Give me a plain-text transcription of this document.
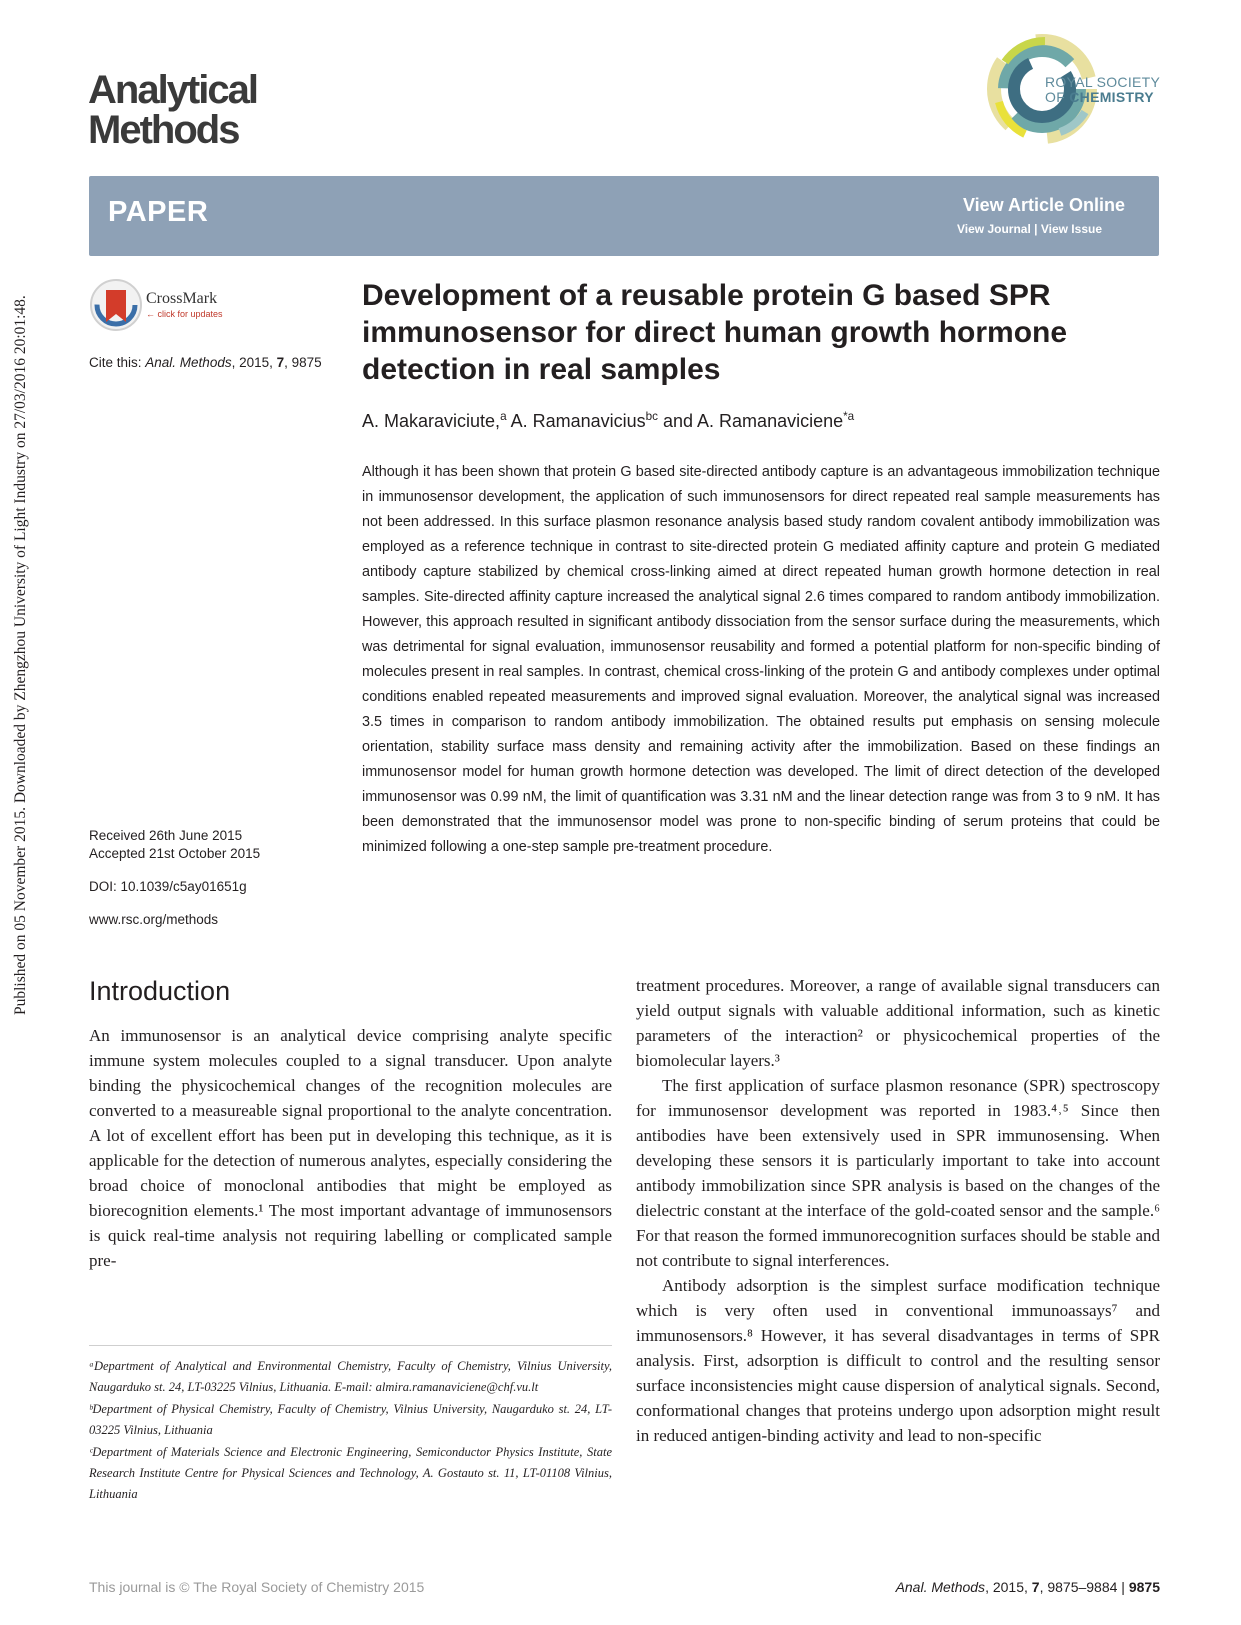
Published on 05 November 2015. Downloaded by Zhengzhou University of Light Industry on 27/03/2016 20:01:48.
Analytical
Methods
ROYAL SOCIETY
OF CHEMISTRY
PAPER	View Article Online
View Journal | View Issue
CrossMark
← click for updates
Cite this: Anal. Methods, 2015, 7, 9875
Development of a reusable protein G based SPR immunosensor for direct human growth hormone detection in real samples
A. Makaraviciute,$^a$ A. Ramanavicius$^{bc}$ and A. Ramanaviciene$^{*a}$
Although it has been shown that protein G based site-directed antibody capture is an advantageous immobilization technique in immunosensor development, the application of such immunosensors for direct repeated real sample measurements has not been addressed. In this surface plasmon resonance analysis based study random covalent antibody immobilization was employed as a reference technique in contrast to site-directed protein G mediated affinity capture and protein G mediated antibody capture stabilized by chemical cross-linking aimed at direct repeated human growth hormone detection in real samples. Site-directed affinity capture increased the analytical signal 2.6 times compared to random antibody immobilization. However, this approach resulted in significant antibody dissociation from the sensor surface during the measurements, which was detrimental for signal evaluation, immunosensor reusability and formed a potential platform for non-specific binding of molecules present in real samples. In contrast, chemical cross-linking of the protein G and antibody complexes under optimal conditions enabled repeated measurements and improved signal evaluation. Moreover, the analytical signal was increased 3.5 times in comparison to random antibody immobilization. The obtained results put emphasis on sensing molecule orientation, stability surface mass density and remaining activity after the immobilization. Based on these findings an immunosensor model for human growth hormone detection was developed. The limit of direct detection of the developed immunosensor was 0.99 nM, the limit of quantification was 3.31 nM and the linear detection range was from 3 to 9 nM. It has been demonstrated that the immunosensor model was prone to non-specific binding of serum proteins that could be minimized following a one-step sample pre-treatment procedure.
Received 26th June 2015
Accepted 21st October 2015
DOI: 10.1039/c5ay01651g
www.rsc.org/methods
Introduction

An immunosensor is an analytical device comprising analyte specific immune system molecules coupled to a signal transducer. Upon analyte binding the physicochemical changes of the recognition molecules are converted to a measureable signal proportional to the analyte concentration. A lot of excellent effort has been put in developing this technique, as it is applicable for the detection of numerous analytes, especially considering the broad choice of monoclonal antibodies that might be employed as biorecognition elements.¹ The most important advantage of immunosensors is quick real-time analysis not requiring labelling or complicated sample pre-

treatment procedures. Moreover, a range of available signal transducers can yield output signals with valuable additional information, such as kinetic parameters of the interaction² or physicochemical properties of the biomolecular layers.³

The first application of surface plasmon resonance (SPR) spectroscopy for immunosensor development was reported in 1983.⁴˒⁵ Since then antibodies have been extensively used in SPR immunosensing. When developing these sensors it is particularly important to take into account antibody immobilization since SPR analysis is based on the changes of the dielectric constant at the interface of the gold-coated sensor and the sample.⁶ For that reason the formed immunorecognition surfaces should be stable and not contribute to signal interferences.

Antibody adsorption is the simplest surface modification technique which is very often used in conventional immunoassays⁷ and immunosensors.⁸ However, it has several disadvantages in terms of SPR analysis. First, adsorption is difficult to control and the resulting sensor surface inconsistencies might cause dispersion of analytical signals. Second, conformational changes that proteins undergo upon adsorption might result in reduced antigen-binding activity and lead to non-specific

ᵃDepartment of Analytical and Environmental Chemistry, Faculty of Chemistry, Vilnius University, Naugarduko st. 24, LT-03225 Vilnius, Lithuania. E-mail: almira.ramanaviciene@chf.vu.lt

ᵇDepartment of Physical Chemistry, Faculty of Chemistry, Vilnius University, Naugarduko st. 24, LT-03225 Vilnius, Lithuania

ᶜDepartment of Materials Science and Electronic Engineering, Semiconductor Physics Institute, State Research Institute Centre for Physical Sciences and Technology, A. Gostauto st. 11, LT-01108 Vilnius, Lithuania

This journal is © The Royal Society of Chemistry 2015	Anal. Methods, 2015, 7, 9875–9884 | 9875
